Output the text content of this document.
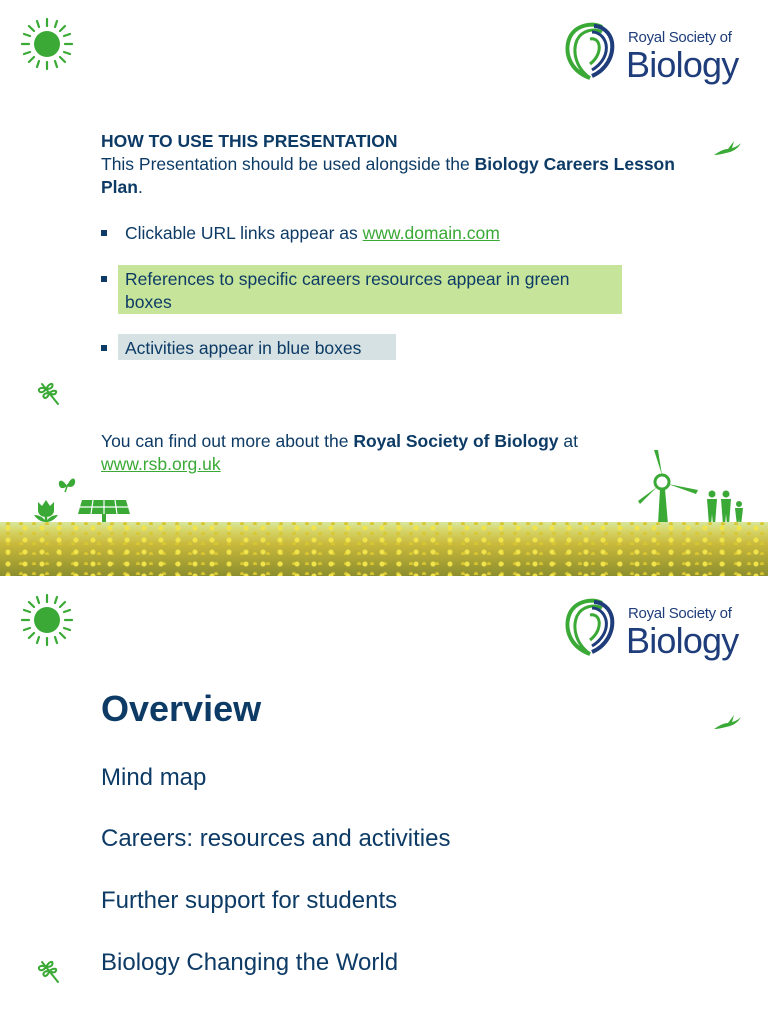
Royal Society of
Biology
HOW TO USE THIS PRESENTATION
This Presentation should be used alongside the Biology Careers Lesson Plan.
Clickable URL links appear as www.domain.com
References to specific careers resources appear in green
boxes
Activities appear in blue boxes
You can find out more about the Royal Society of Biology at
www.rsb.org.uk
Royal Society of
Biology
Overview
Mind map
Careers: resources and activities
Further support for students
Biology Changing the World
